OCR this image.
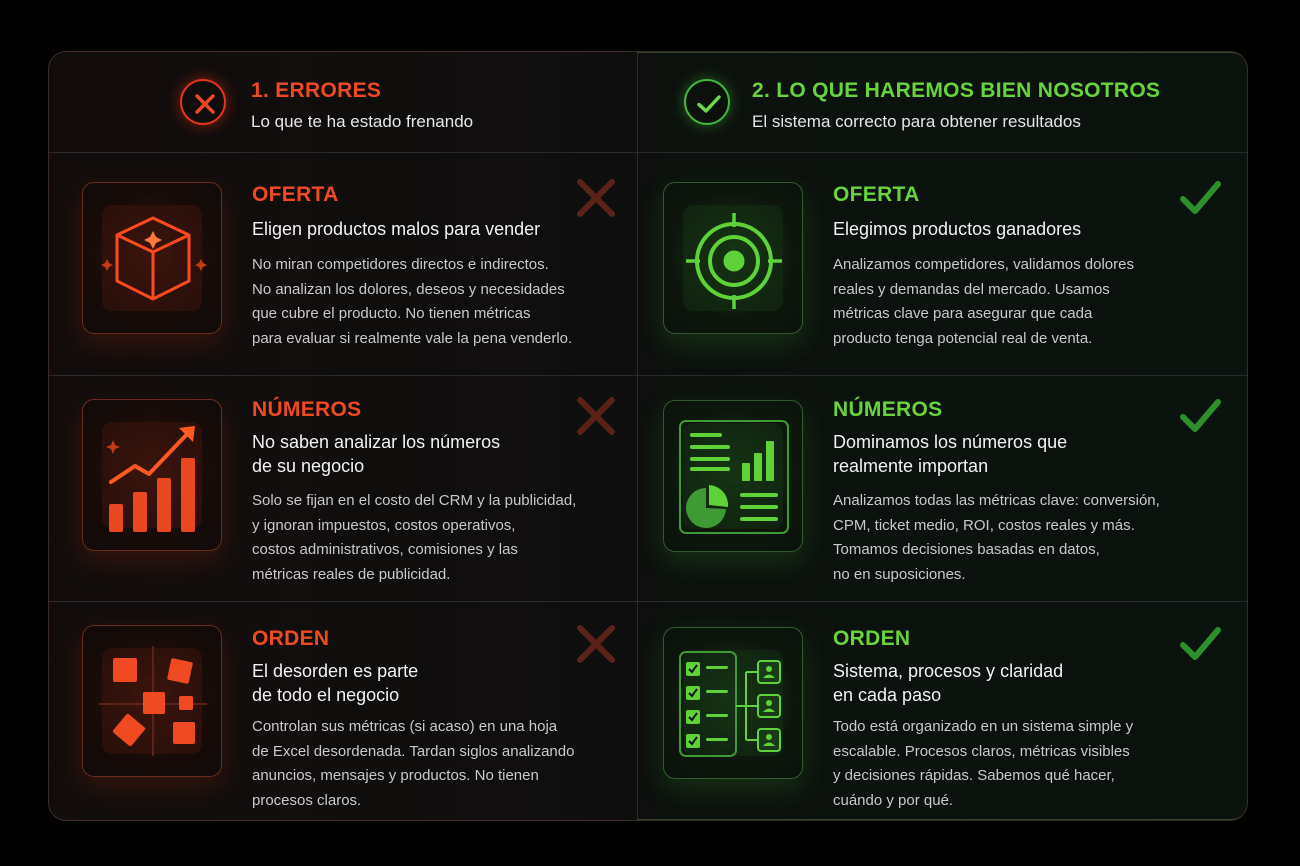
1. ERRORES
Lo que te ha estado frenando
2. LO QUE HAREMOS BIEN NOSOTROS
El sistema correcto para obtener resultados
OFERTA
Eligen productos malos para vender
No miran competidores directos e indirectos.
No analizan los dolores, deseos y necesidades
que cubre el producto. No tienen métricas
para evaluar si realmente vale la pena venderlo.
OFERTA
Elegimos productos ganadores
Analizamos competidores, validamos dolores
reales y demandas del mercado. Usamos
métricas clave para asegurar que cada
producto tenga potencial real de venta.
NÚMEROS
No saben analizar los números
de su negocio
Solo se fijan en el costo del CRM y la publicidad,
y ignoran impuestos, costos operativos,
costos administrativos, comisiones y las
métricas reales de publicidad.
NÚMEROS
Dominamos los números que
realmente importan
Analizamos todas las métricas clave: conversión,
CPM, ticket medio, ROI, costos reales y más.
Tomamos decisiones basadas en datos,
no en suposiciones.
ORDEN
El desorden es parte
de todo el negocio
Controlan sus métricas (si acaso) en una hoja
de Excel desordenada. Tardan siglos analizando
anuncios, mensajes y productos. No tienen
procesos claros.
ORDEN
Sistema, procesos y claridad
en cada paso
Todo está organizado en un sistema simple y
escalable. Procesos claros, métricas visibles
y decisiones rápidas. Sabemos qué hacer,
cuándo y por qué.
